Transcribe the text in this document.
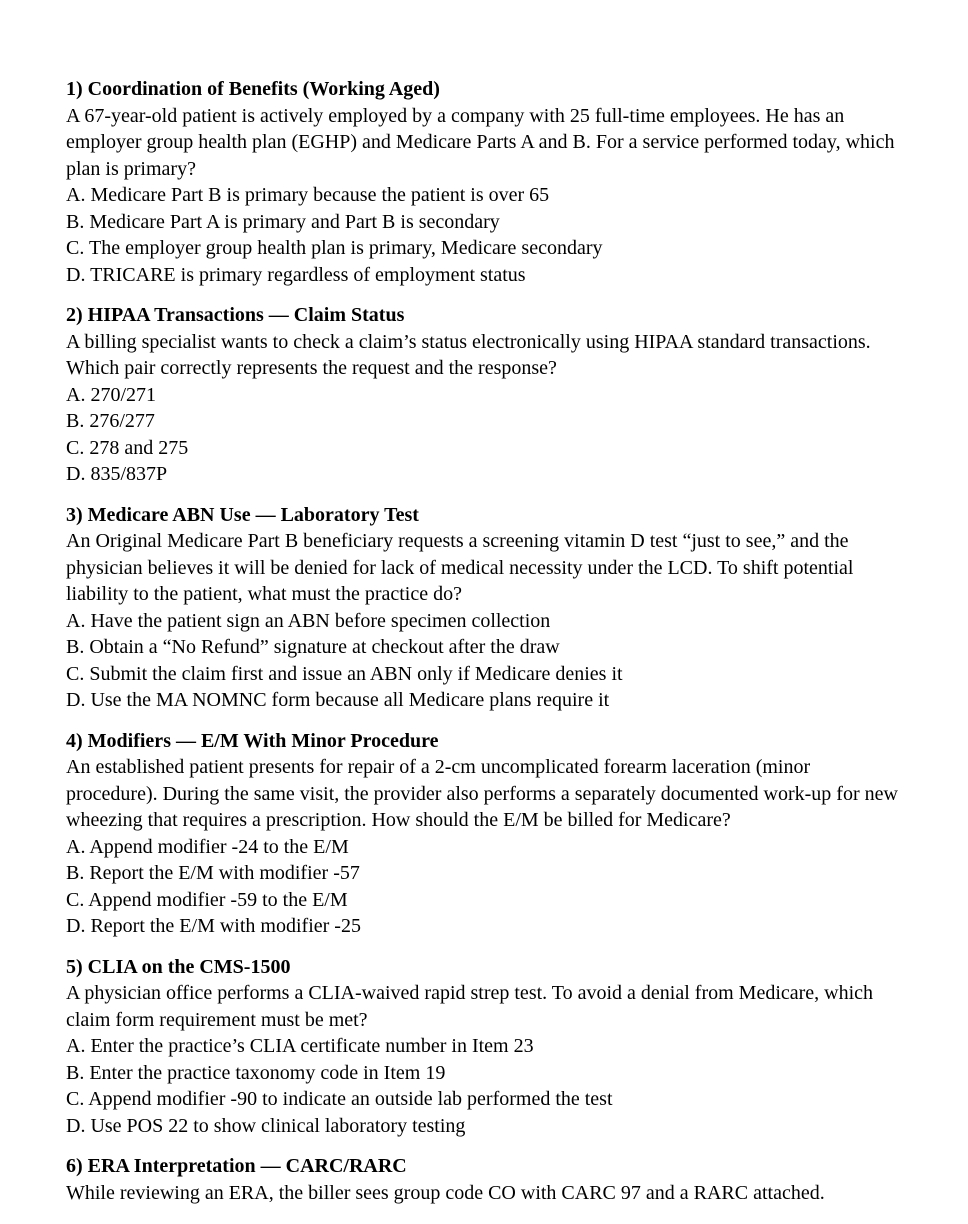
1) Coordination of Benefits (Working Aged)

A 67-year-old patient is actively employed by a company with 25 full-time employees. He has an employer group health plan (EGHP) and Medicare Parts A and B. For a service performed today, which plan is primary?

A. Medicare Part B is primary because the patient is over 65

B. Medicare Part A is primary and Part B is secondary

C. The employer group health plan is primary, Medicare secondary

D. TRICARE is primary regardless of employment status

2) HIPAA Transactions — Claim Status

A billing specialist wants to check a claim’s status electronically using HIPAA standard transactions. Which pair correctly represents the request and the response?

A. 270/271

B. 276/277

C. 278 and 275

D. 835/837P

3) Medicare ABN Use — Laboratory Test

An Original Medicare Part B beneficiary requests a screening vitamin D test “just to see,” and the physician believes it will be denied for lack of medical necessity under the LCD. To shift potential liability to the patient, what must the practice do?

A. Have the patient sign an ABN before specimen collection

B. Obtain a “No Refund” signature at checkout after the draw

C. Submit the claim first and issue an ABN only if Medicare denies it

D. Use the MA NOMNC form because all Medicare plans require it

4) Modifiers — E/M With Minor Procedure

An established patient presents for repair of a 2-cm uncomplicated forearm laceration (minor procedure). During the same visit, the provider also performs a separately documented work-up for new wheezing that requires a prescription. How should the E/M be billed for Medicare?

A. Append modifier -24 to the E/M

B. Report the E/M with modifier -57

C. Append modifier -59 to the E/M

D. Report the E/M with modifier -25

5) CLIA on the CMS-1500

A physician office performs a CLIA-waived rapid strep test. To avoid a denial from Medicare, which claim form requirement must be met?

A. Enter the practice’s CLIA certificate number in Item 23

B. Enter the practice taxonomy code in Item 19

C. Append modifier -90 to indicate an outside lab performed the test

D. Use POS 22 to show clinical laboratory testing

6) ERA Interpretation — CARC/RARC

While reviewing an ERA, the biller sees group code CO with CARC 97 and a RARC attached.
